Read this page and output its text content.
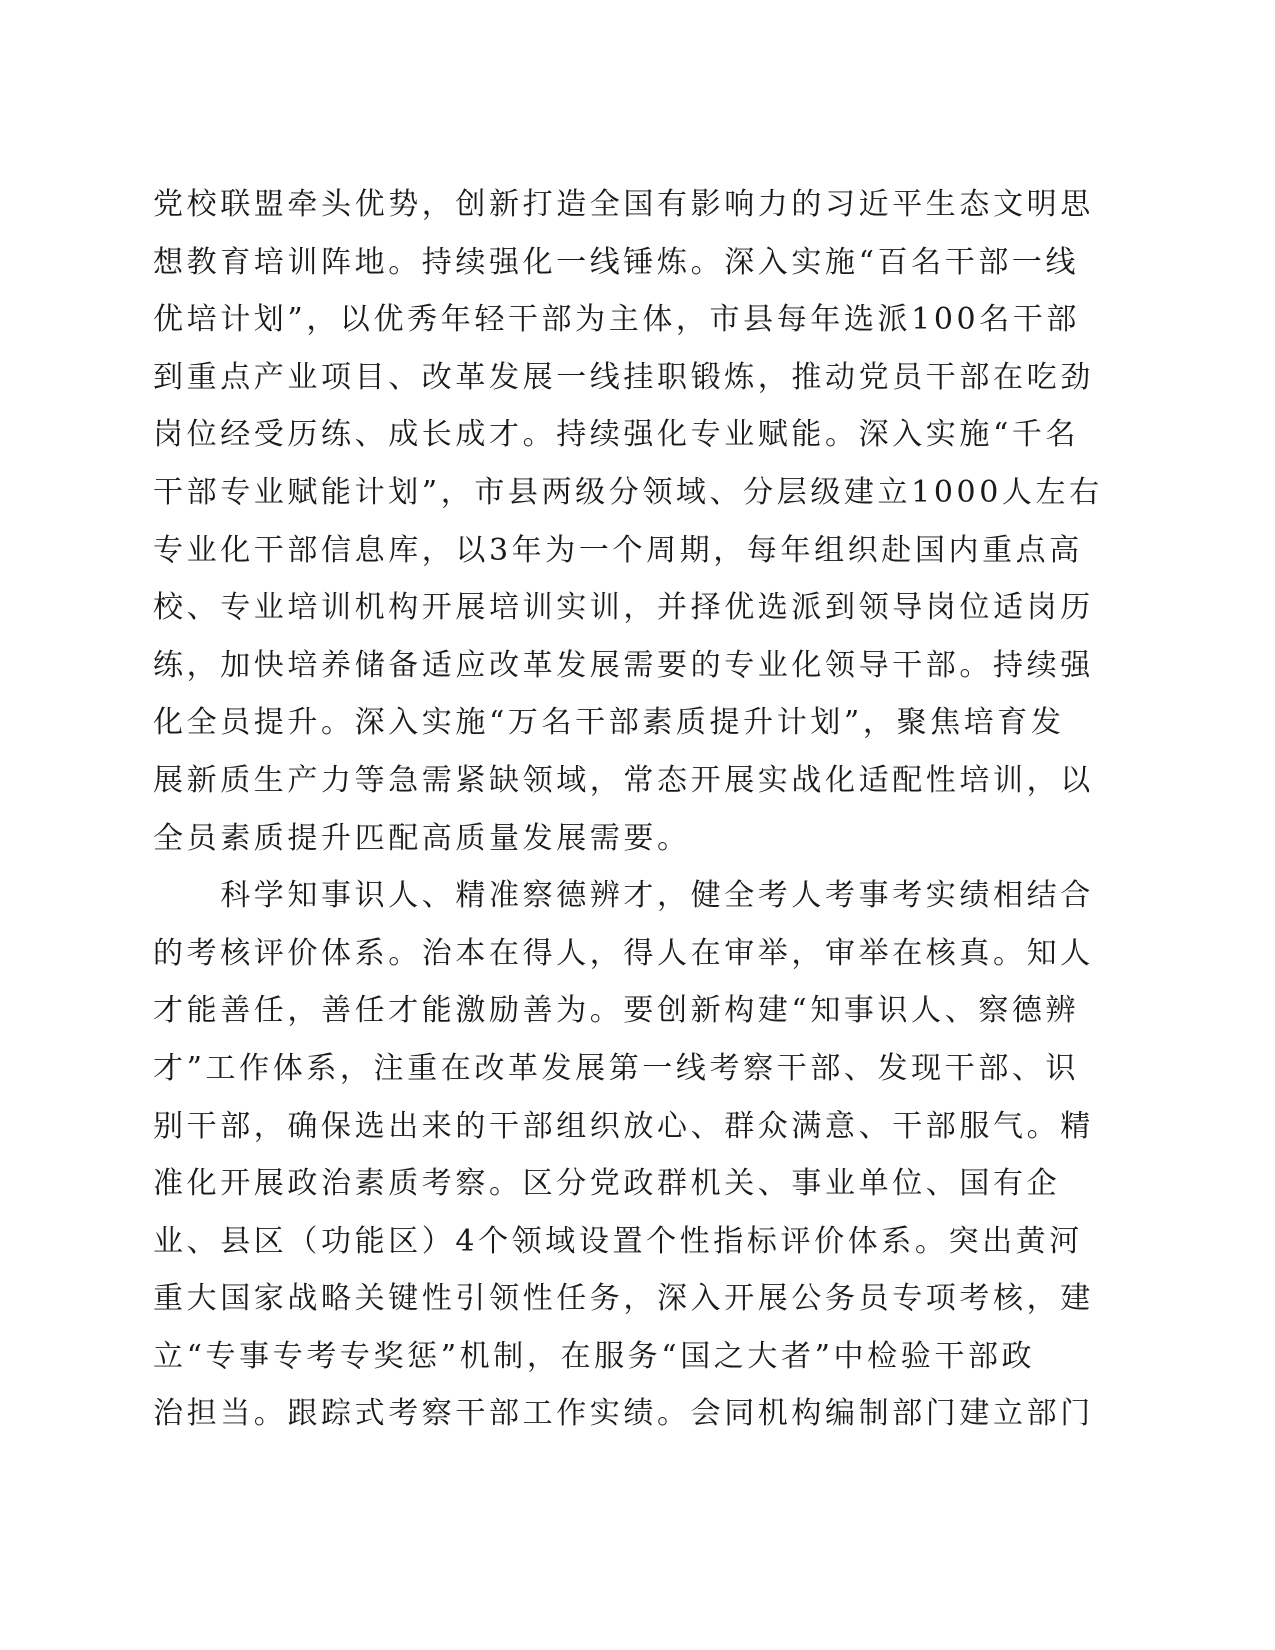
党校联盟牵头优势，创新打造全国有影响力的习近平生态文明思
想教育培训阵地。持续强化一线锤炼。深入实施“百名干部一线
优培计划”，以优秀年轻干部为主体，市县每年选派100名干部
到重点产业项目、改革发展一线挂职锻炼，推动党员干部在吃劲
岗位经受历练、成长成才。持续强化专业赋能。深入实施“千名
干部专业赋能计划”，市县两级分领域、分层级建立1000人左右
专业化干部信息库，以3年为一个周期，每年组织赴国内重点高
校、专业培训机构开展培训实训，并择优选派到领导岗位适岗历
练，加快培养储备适应改革发展需要的专业化领导干部。持续强
化全员提升。深入实施“万名干部素质提升计划”，聚焦培育发
展新质生产力等急需紧缺领域，常态开展实战化适配性培训，以
全员素质提升匹配高质量发展需要。
　　科学知事识人、精准察德辨才，健全考人考事考实绩相结合
的考核评价体系。治本在得人，得人在审举，审举在核真。知人
才能善任，善任才能激励善为。要创新构建“知事识人、察德辨
才”工作体系，注重在改革发展第一线考察干部、发现干部、识
别干部，确保选出来的干部组织放心、群众满意、干部服气。精
准化开展政治素质考察。区分党政群机关、事业单位、国有企
业、县区（功能区）4个领域设置个性指标评价体系。突出黄河
重大国家战略关键性引领性任务，深入开展公务员专项考核，建
立“专事专考专奖惩”机制，在服务“国之大者”中检验干部政
治担当。跟踪式考察干部工作实绩。会同机构编制部门建立部门
